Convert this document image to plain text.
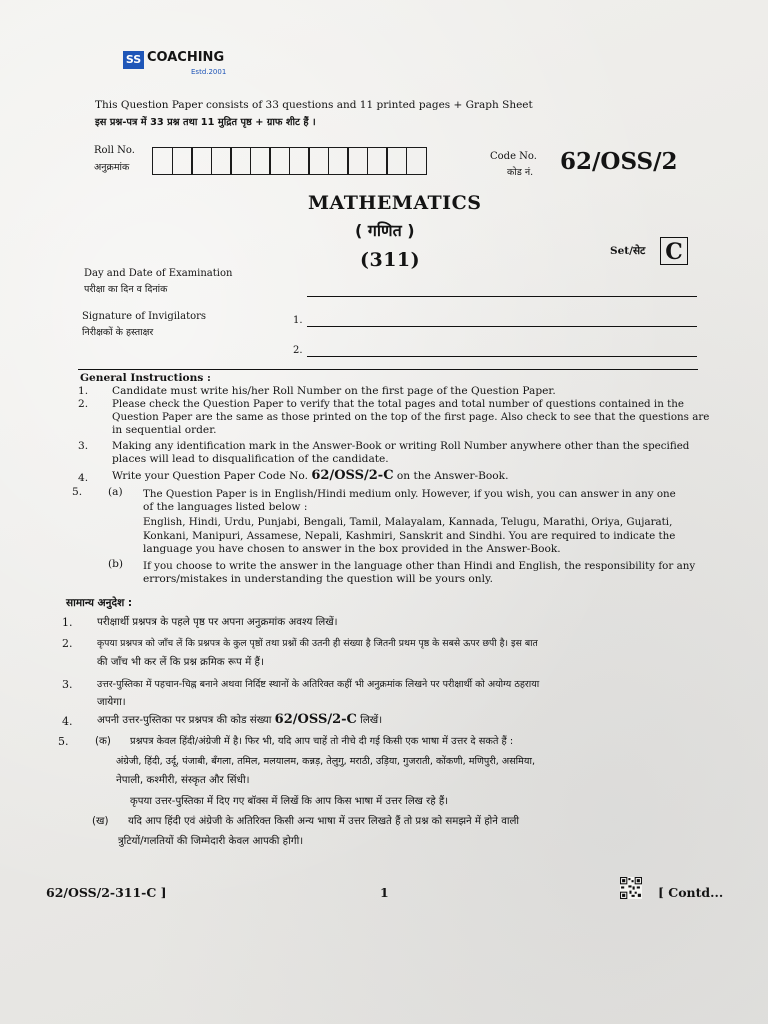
SS COACHING
Estd.2001
This Question Paper consists of 33 questions and 11 printed pages + Graph Sheet
इस प्रश्न-पत्र में 33 प्रश्न तथा 11 मुद्रित पृष्ठ + ग्राफ शीट हैं ।
Roll No.
अनुक्रमांक
Code No.
कोड नं. 62/OSS/2
MATHEMATICS
( गणित )
(311)	Set/सेट C
Day and Date of Examination
परीक्षा का दिन व दिनांक
Signature of Invigilators
निरीक्षकों के हस्ताक्षर
1.
2.
General Instructions :
1. Candidate must write his/her Roll Number on the first page of the Question Paper.
2. Please check the Question Paper to verify that the total pages and total number of questions contained in the
Question Paper are the same as those printed on the top of the first page. Also check to see that the questions are
in sequential order.
3. Making any identification mark in the Answer-Book or writing Roll Number anywhere other than the specified
places will lead to disqualification of the candidate.
4. Write your Question Paper Code No. 62/OSS/2-C on the Answer-Book.
5. (a) The Question Paper is in English/Hindi medium only. However, if you wish, you can answer in any one
of the languages listed below :
English, Hindi, Urdu, Punjabi, Bengali, Tamil, Malayalam, Kannada, Telugu, Marathi, Oriya, Gujarati,
Konkani, Manipuri, Assamese, Nepali, Kashmiri, Sanskrit and Sindhi. You are required to indicate the
language you have chosen to answer in the box provided in the Answer-Book.
(b) If you choose to write the answer in the language other than Hindi and English, the responsibility for any
errors/mistakes in understanding the question will be yours only.
सामान्य अनुदेश :
1. परीक्षार्थी प्रश्नपत्र के पहले पृष्ठ पर अपना अनुक्रमांक अवश्य लिखें।
2.	कृपया प्रश्नपत्र को जाँच लें कि प्रश्नपत्र के कुल पृष्ठों तथा प्रश्नों की उतनी ही संख्या है जितनी प्रथम पृष्ठ के सबसे ऊपर छपी है। इस बात
की जाँच भी कर लें कि प्रश्न क्रमिक रूप में हैं।
3.	उत्तर-पुस्तिका में पहचान-चिह्न बनाने अथवा निर्दिष्ट स्थानों के अतिरिक्त कहीं भी अनुक्रमांक लिखने पर परीक्षार्थी को अयोग्य ठहराया
जायेगा।
4. अपनी उत्तर-पुस्तिका पर प्रश्नपत्र की कोड संख्या 62/OSS/2-C लिखें।
5.	(क) प्रश्नपत्र केवल हिंदी/अंग्रेजी में है। फिर भी, यदि आप चाहें तो नीचे दी गई किसी एक भाषा में उत्तर दे सकते हैं :
अंग्रेजी, हिंदी, उर्दू, पंजाबी, बँगला, तमिल, मलयालम, कन्नड़, तेलुगु, मराठी, उड़िया, गुजराती, कोंकणी, मणिपुरी, असमिया,
नेपाली, कश्मीरी, संस्कृत और सिंधी।
कृपया उत्तर-पुस्तिका में दिए गए बॉक्स में लिखें कि आप किस भाषा में उत्तर लिख रहे हैं।
(ख) यदि आप हिंदी एवं अंग्रेजी के अतिरिक्त किसी अन्य भाषा में उत्तर लिखते हैं तो प्रश्न को समझने में होने वाली
त्रुटियों/गलतियों की जिम्मेदारी केवल आपकी होगी।
62/OSS/2-311-C ]	1	[ Contd...
